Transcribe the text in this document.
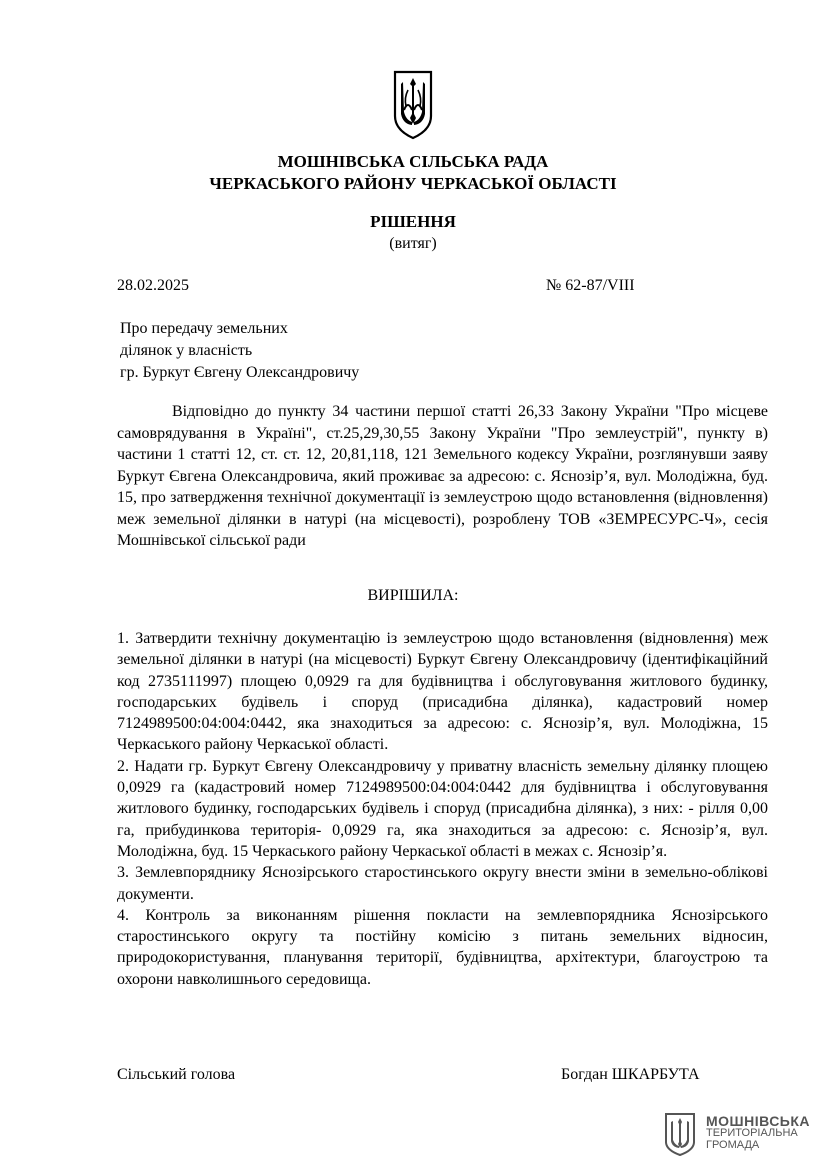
МОШНІВСЬКА СІЛЬСЬКА РАДА
ЧЕРКАСЬКОГО РАЙОНУ ЧЕРКАСЬКОЇ ОБЛАСТІ
РІШЕННЯ
(витяг)
28.02.2025	№ 62-87/VIII
Про передачу земельних
ділянок у власність
гр. Буркут Євгену Олександровичу
Відповідно до пункту 34 частини першої статті 26,33 Закону України "Про місцеве самоврядування в Україні", ст.25,29,30,55 Закону України "Про землеустрій", пункту в) частини 1 статті 12, ст. ст. 12, 20,81,118, 121 Земельного кодексу України, розглянувши заяву Буркут Євгена Олександровича, який проживає за адресою: с. Яснозір’я, вул. Молодіжна, буд. 15, про затвердження технічної документації із землеустрою щодо встановлення (відновлення) меж земельної ділянки в натурі (на місцевості), розроблену ТОВ «ЗЕМРЕСУРС-Ч», сесія Мошнівської сільської ради
ВИРІШИЛА:

1. Затвердити технічну документацію із землеустрою щодо встановлення (відновлення) меж земельної ділянки в натурі (на місцевості) Буркут Євгену Олександровичу (ідентифікаційний код 2735111997) площею 0,0929 га для будівництва і обслуговування житлового будинку, господарських будівель і споруд (присадибна ділянка), кадастровий номер 7124989500:04:004:0442, яка знаходиться за адресою: с. Яснозір’я, вул. Молодіжна, 15 Черкаського району Черкаської області.

2. Надати гр. Буркут Євгену Олександровичу у приватну власність земельну ділянку площею 0,0929 га (кадастровий номер 7124989500:04:004:0442 для будівництва і обслуговування житлового будинку, господарських будівель і споруд (присадибна ділянка), з них: - рілля 0,00 га, прибудинкова територія- 0,0929 га, яка знаходиться за адресою: с. Яснозір’я, вул. Молодіжна, буд. 15 Черкаського району Черкаської області в межах с. Яснозір’я.

3. Землевпоряднику Яснозірського старостинського округу внести зміни в земельно-облікові документи.

4. Контроль за виконанням рішення покласти на землевпорядника Яснозірського старостинського округу та постійну комісію з питань земельних відносин, природокористування, планування території, будівництва, архітектури, благоустрою та охорони навколишнього середовища.

Сільський голова	Богдан ШКАРБУТА
МОШНІВСЬКА
ТЕРИТОРІАЛЬНА
ГРОМАДА
